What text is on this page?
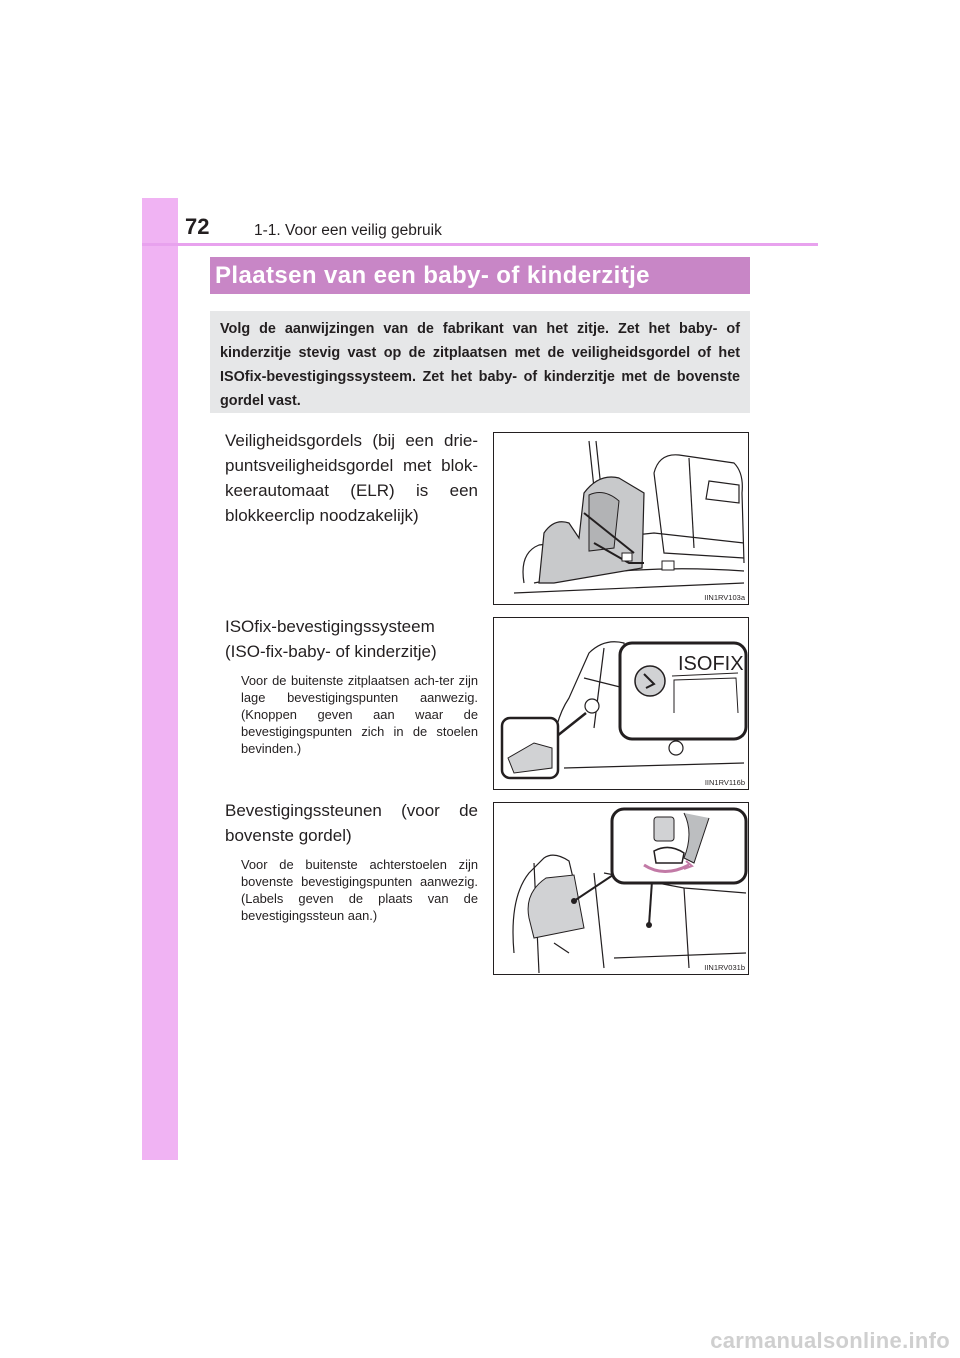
72	1-1. Voor een veilig gebruik
Plaatsen van een baby- of kinderzitje
Volg de aanwijzingen van de fabrikant van het zitje. Zet het baby- of kinderzitje stevig vast op de zitplaatsen met de veiligheidsgordel of het ISOfix-bevestigingssysteem. Zet het baby- of kinderzitje met de bovenste gordel vast.
Veiligheidsgordels (bij een drie-puntsveiligheidsgordel met blok-keerautomaat (ELR) is een blokkeerclip noodzakelijk)
IIN1RV103a
ISOfix-bevestigingssysteem (ISO-fix-baby- of kinderzitje)
Voor de buitenste zitplaatsen ach-ter zijn lage bevestigingspunten aanwezig. (Knoppen geven aan waar de bevestigingspunten zich in de stoelen bevinden.)
ISOFIX
IIN1RV116b
Bevestigingssteunen (voor de bovenste gordel)
Voor de buitenste achterstoelen zijn bovenste bevestigingspunten aanwezig. (Labels geven de plaats van de bevestigingssteun aan.)
IIN1RV031b
carmanualsonline.info
